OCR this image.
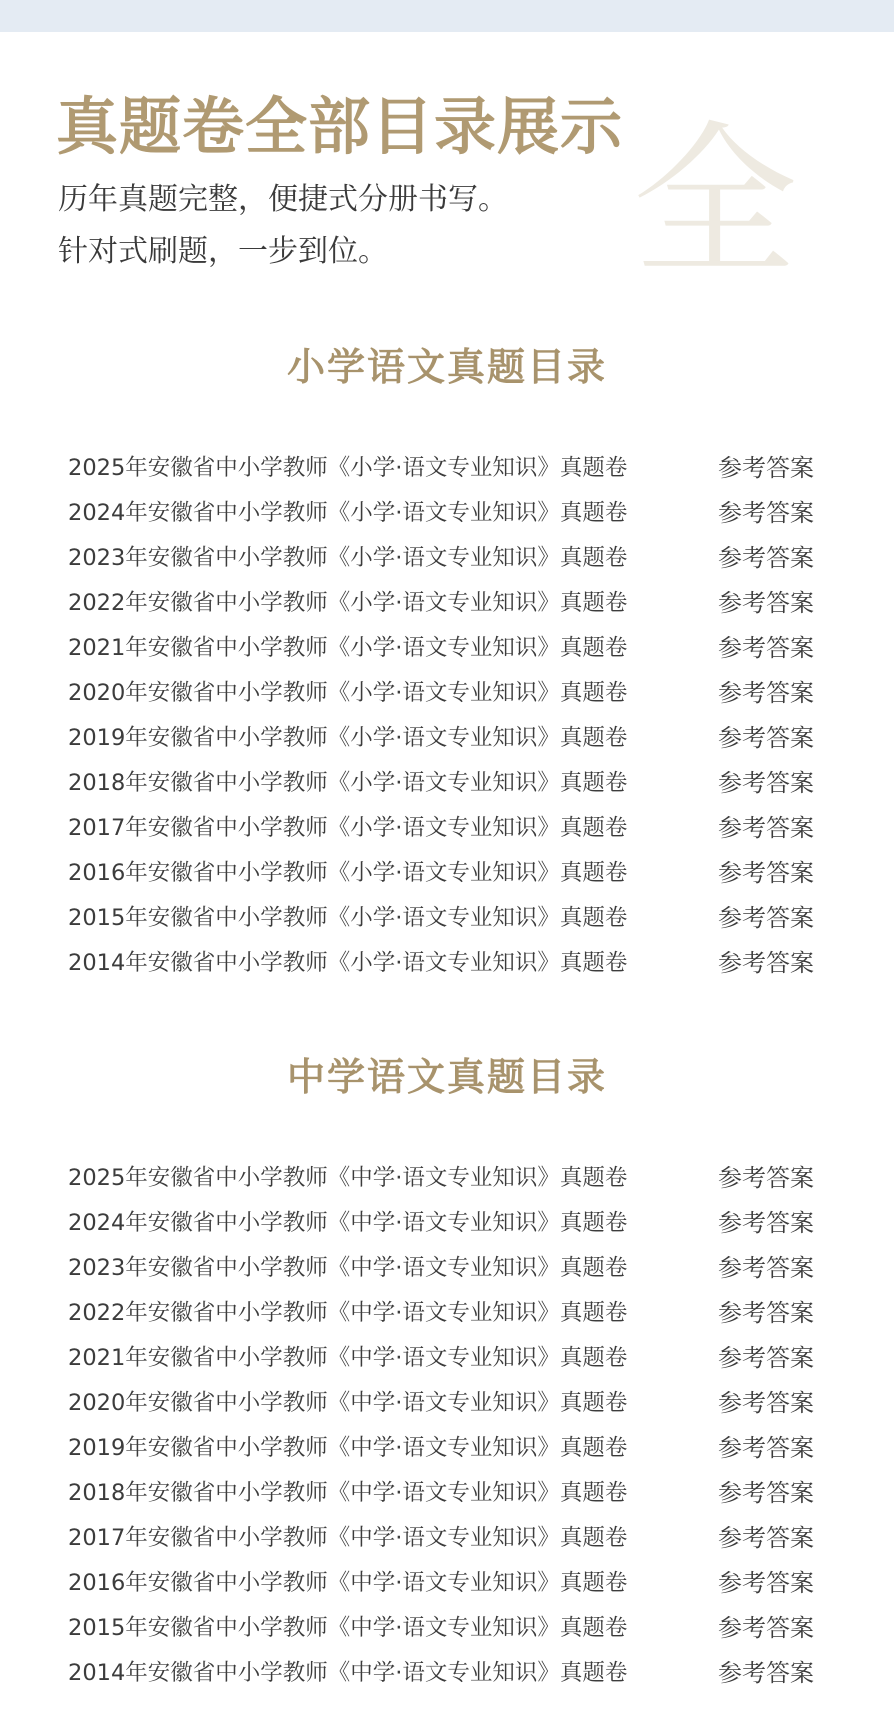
全
真题卷全部目录展示
历年真题完整，便捷式分册书写。
针对式刷题，一步到位。
小学语文真题目录
2025年安徽省中小学教师《小学·语文专业知识》真题卷	参考答案
2024年安徽省中小学教师《小学·语文专业知识》真题卷	参考答案
2023年安徽省中小学教师《小学·语文专业知识》真题卷	参考答案
2022年安徽省中小学教师《小学·语文专业知识》真题卷	参考答案
2021年安徽省中小学教师《小学·语文专业知识》真题卷	参考答案
2020年安徽省中小学教师《小学·语文专业知识》真题卷	参考答案
2019年安徽省中小学教师《小学·语文专业知识》真题卷	参考答案
2018年安徽省中小学教师《小学·语文专业知识》真题卷	参考答案
2017年安徽省中小学教师《小学·语文专业知识》真题卷	参考答案
2016年安徽省中小学教师《小学·语文专业知识》真题卷	参考答案
2015年安徽省中小学教师《小学·语文专业知识》真题卷	参考答案
2014年安徽省中小学教师《小学·语文专业知识》真题卷	参考答案
中学语文真题目录
2025年安徽省中小学教师《中学·语文专业知识》真题卷	参考答案
2024年安徽省中小学教师《中学·语文专业知识》真题卷	参考答案
2023年安徽省中小学教师《中学·语文专业知识》真题卷	参考答案
2022年安徽省中小学教师《中学·语文专业知识》真题卷	参考答案
2021年安徽省中小学教师《中学·语文专业知识》真题卷	参考答案
2020年安徽省中小学教师《中学·语文专业知识》真题卷	参考答案
2019年安徽省中小学教师《中学·语文专业知识》真题卷	参考答案
2018年安徽省中小学教师《中学·语文专业知识》真题卷	参考答案
2017年安徽省中小学教师《中学·语文专业知识》真题卷	参考答案
2016年安徽省中小学教师《中学·语文专业知识》真题卷	参考答案
2015年安徽省中小学教师《中学·语文专业知识》真题卷	参考答案
2014年安徽省中小学教师《中学·语文专业知识》真题卷	参考答案
